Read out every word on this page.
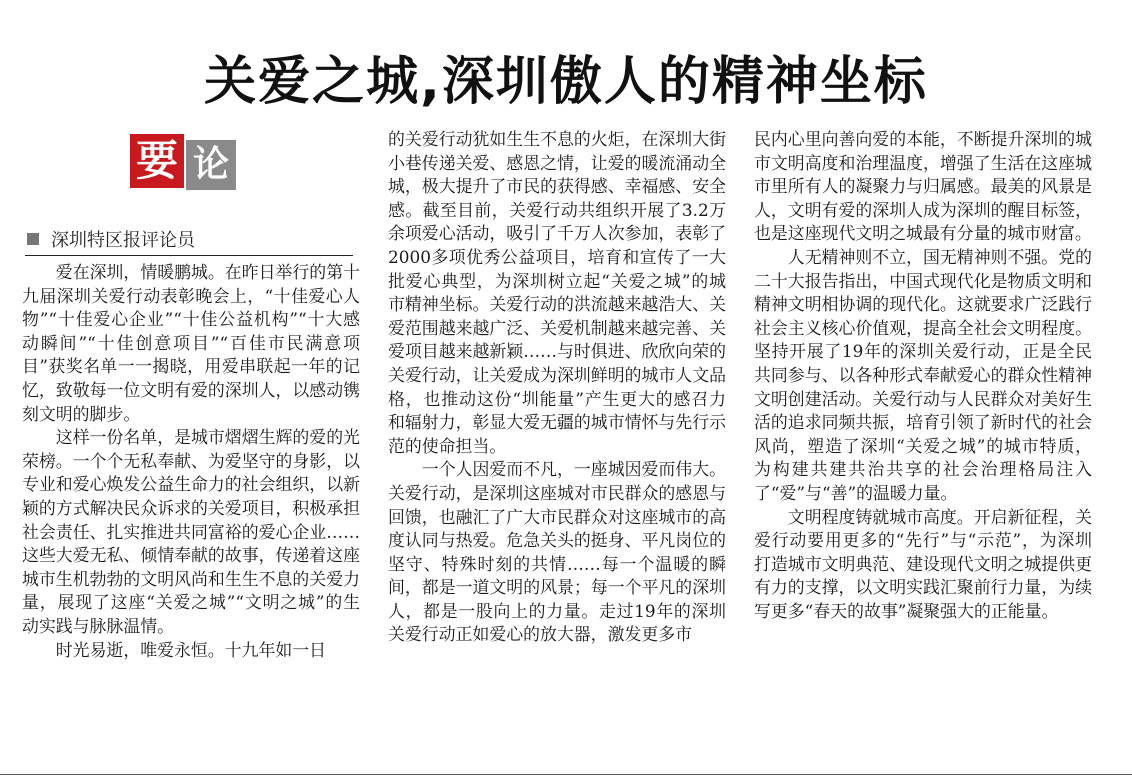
关爱之城,深圳傲人的精神坐标
要 论
深圳特区报评论员

爱在深圳，情暖鹏城。在昨日举行的第十九届深圳关爱行动表彰晚会上，“十佳爱心人物”“十佳爱心企业”“十佳公益机构”“十大感动瞬间”“十佳创意项目”“百佳市民满意项目”获奖名单一一揭晓，用爱串联起一年的记忆，致敬每一位文明有爱的深圳人，以感动镌刻文明的脚步。

这样一份名单，是城市熠熠生辉的爱的光荣榜。一个个无私奉献、为爱坚守的身影，以专业和爱心焕发公益生命力的社会组织，以新颖的方式解决民众诉求的关爱项目，积极承担社会责任、扎实推进共同富裕的爱心企业……这些大爱无私、倾情奉献的故事，传递着这座城市生机勃勃的文明风尚和生生不息的关爱力量，展现了这座“关爱之城”“文明之城”的生动实践与脉脉温情。

时光易逝，唯爱永恒。十九年如一日

的关爱行动犹如生生不息的火炬，在深圳大街小巷传递关爱、感恩之情，让爱的暖流涌动全城，极大提升了市民的获得感、幸福感、安全感。截至目前，关爱行动共组织开展了3.2万余项爱心活动，吸引了千万人次参加，表彰了2000多项优秀公益项目，培育和宣传了一大批爱心典型，为深圳树立起“关爱之城”的城市精神坐标。关爱行动的洪流越来越浩大、关爱范围越来越广泛、关爱机制越来越完善、关爱项目越来越新颖……与时俱进、欣欣向荣的关爱行动，让关爱成为深圳鲜明的城市人文品格，也推动这份“圳能量”产生更大的感召力和辐射力，彰显大爱无疆的城市情怀与先行示范的使命担当。

一个人因爱而不凡，一座城因爱而伟大。关爱行动，是深圳这座城对市民群众的感恩与回馈，也融汇了广大市民群众对这座城市的高度认同与热爱。危急关头的挺身、平凡岗位的坚守、特殊时刻的共情……每一个温暖的瞬间，都是一道文明的风景；每一个平凡的深圳人，都是一股向上的力量。走过19年的深圳关爱行动正如爱心的放大器，激发更多市

民内心里向善向爱的本能，不断提升深圳的城市文明高度和治理温度，增强了生活在这座城市里所有人的凝聚力与归属感。最美的风景是人，文明有爱的深圳人成为深圳的醒目标签，也是这座现代文明之城最有分量的城市财富。

人无精神则不立，国无精神则不强。党的二十大报告指出，中国式现代化是物质文明和精神文明相协调的现代化。这就要求广泛践行社会主义核心价值观，提高全社会文明程度。坚持开展了19年的深圳关爱行动，正是全民共同参与、以各种形式奉献爱心的群众性精神文明创建活动。关爱行动与人民群众对美好生活的追求同频共振，培育引领了新时代的社会风尚，塑造了深圳“关爱之城”的城市特质，为构建共建共治共享的社会治理格局注入了“爱”与“善”的温暖力量。

文明程度铸就城市高度。开启新征程，关爱行动要用更多的“先行”与“示范”，为深圳打造城市文明典范、建设现代文明之城提供更有力的支撑，以文明实践汇聚前行力量，为续写更多“春天的故事”凝聚强大的正能量。
